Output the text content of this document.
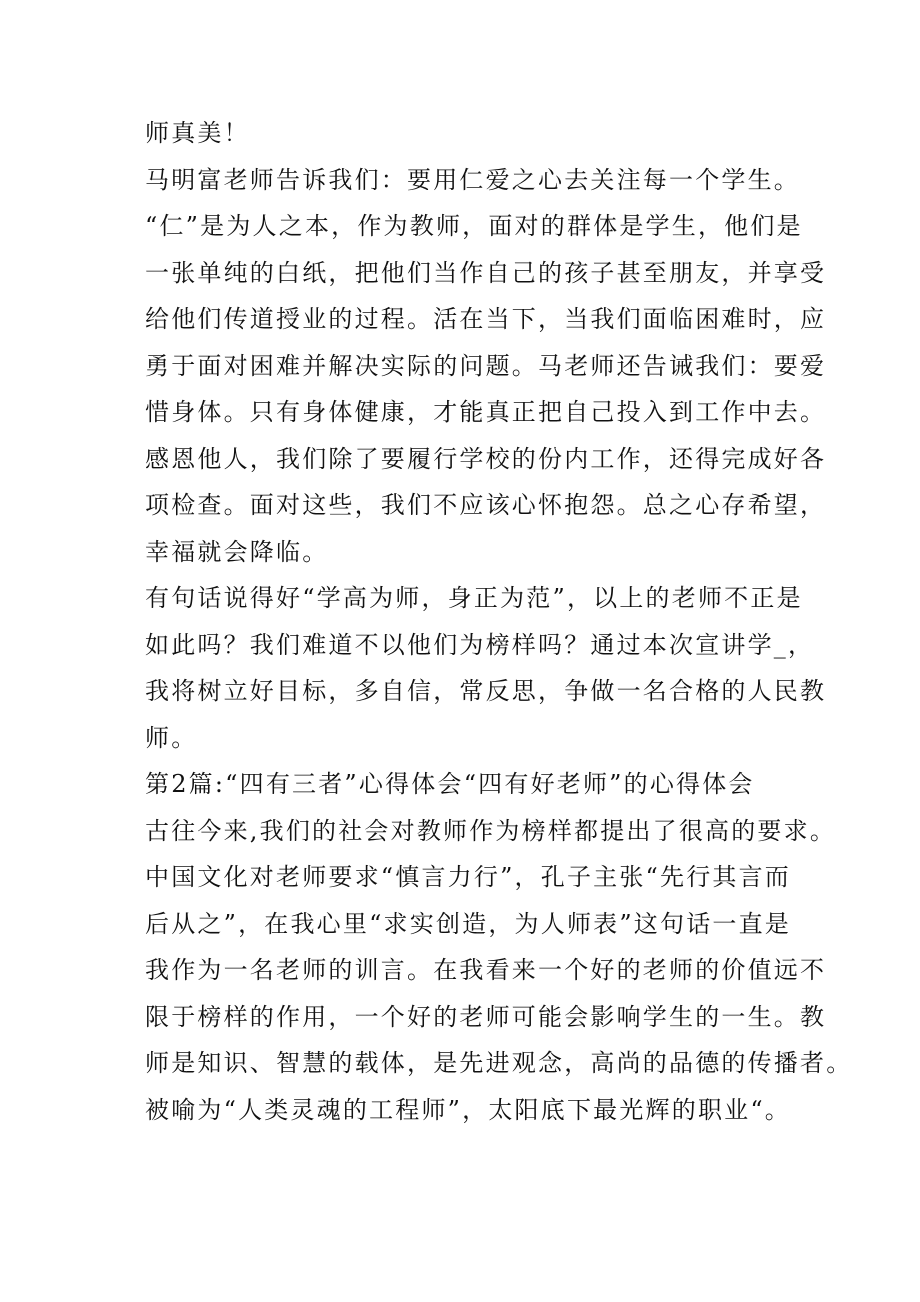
师真美！
马明富老师告诉我们：要用仁爱之心去关注每一个学生。
“仁”是为人之本，作为教师，面对的群体是学生，他们是
一张单纯的白纸，把他们当作自己的孩子甚至朋友，并享受
给他们传道授业的过程。活在当下，当我们面临困难时，应
勇于面对困难并解决实际的问题。马老师还告诫我们：要爱
惜身体。只有身体健康，才能真正把自己投入到工作中去。
感恩他人，我们除了要履行学校的份内工作，还得完成好各
项检查。面对这些，我们不应该心怀抱怨。总之心存希望，
幸福就会降临。
有句话说得好“学高为师，身正为范”，以上的老师不正是
如此吗？我们难道不以他们为榜样吗？通过本次宣讲学_，
我将树立好目标，多自信，常反思，争做一名合格的人民教
师。
第2篇:“四有三者”心得体会“四有好老师”的心得体会
古往今来,我们的社会对教师作为榜样都提出了很高的要求。
中国文化对老师要求“慎言力行”，孔子主张“先行其言而
后从之”，在我心里“求实创造，为人师表”这句话一直是
我作为一名老师的训言。在我看来一个好的老师的价值远不
限于榜样的作用，一个好的老师可能会影响学生的一生。教
师是知识、智慧的载体，是先进观念，高尚的品德的传播者。
被喻为“人类灵魂的工程师”，太阳底下最光辉的职业“。
